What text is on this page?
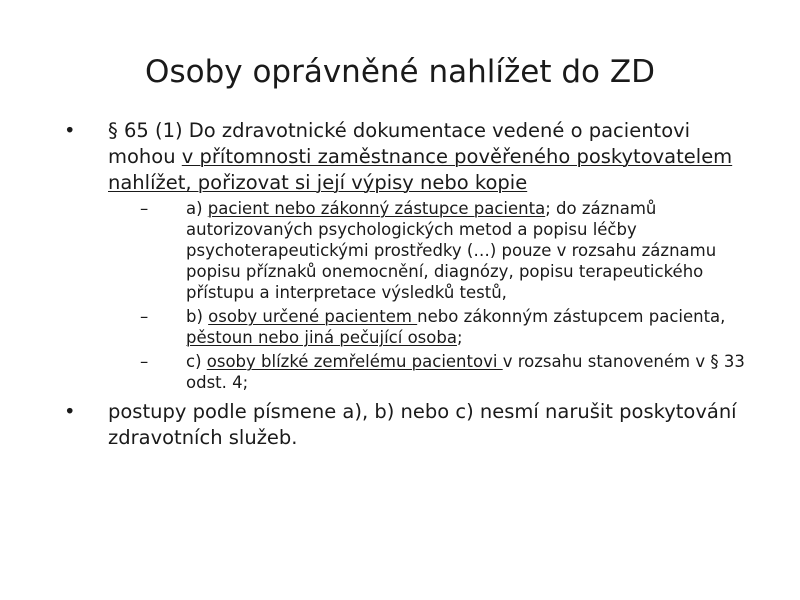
Osoby oprávněné nahlížet do ZD
•	§ 65 (1) Do zdravotnické dokumentace vedené o pacientovi mohou v přítomnosti zaměstnance pověřeného poskytovatelem nahlížet, pořizovat si její výpisy nebo kopie
– a) pacient nebo zákonný zástupce pacienta; do záznamů autorizovaných psychologických metod a popisu léčby psychoterapeutickými prostředky (…) pouze v rozsahu záznamu popisu příznaků onemocnění, diagnózy, popisu terapeutického přístupu a interpretace výsledků testů,
– b) osoby určené pacientem nebo zákonným zástupcem pacienta, pěstoun nebo jiná pečující osoba;
– c) osoby blízké zemřelému pacientovi v rozsahu stanoveném v § 33 odst. 4;
•	postupy podle písmene a), b) nebo c) nesmí narušit poskytování zdravotních služeb.
